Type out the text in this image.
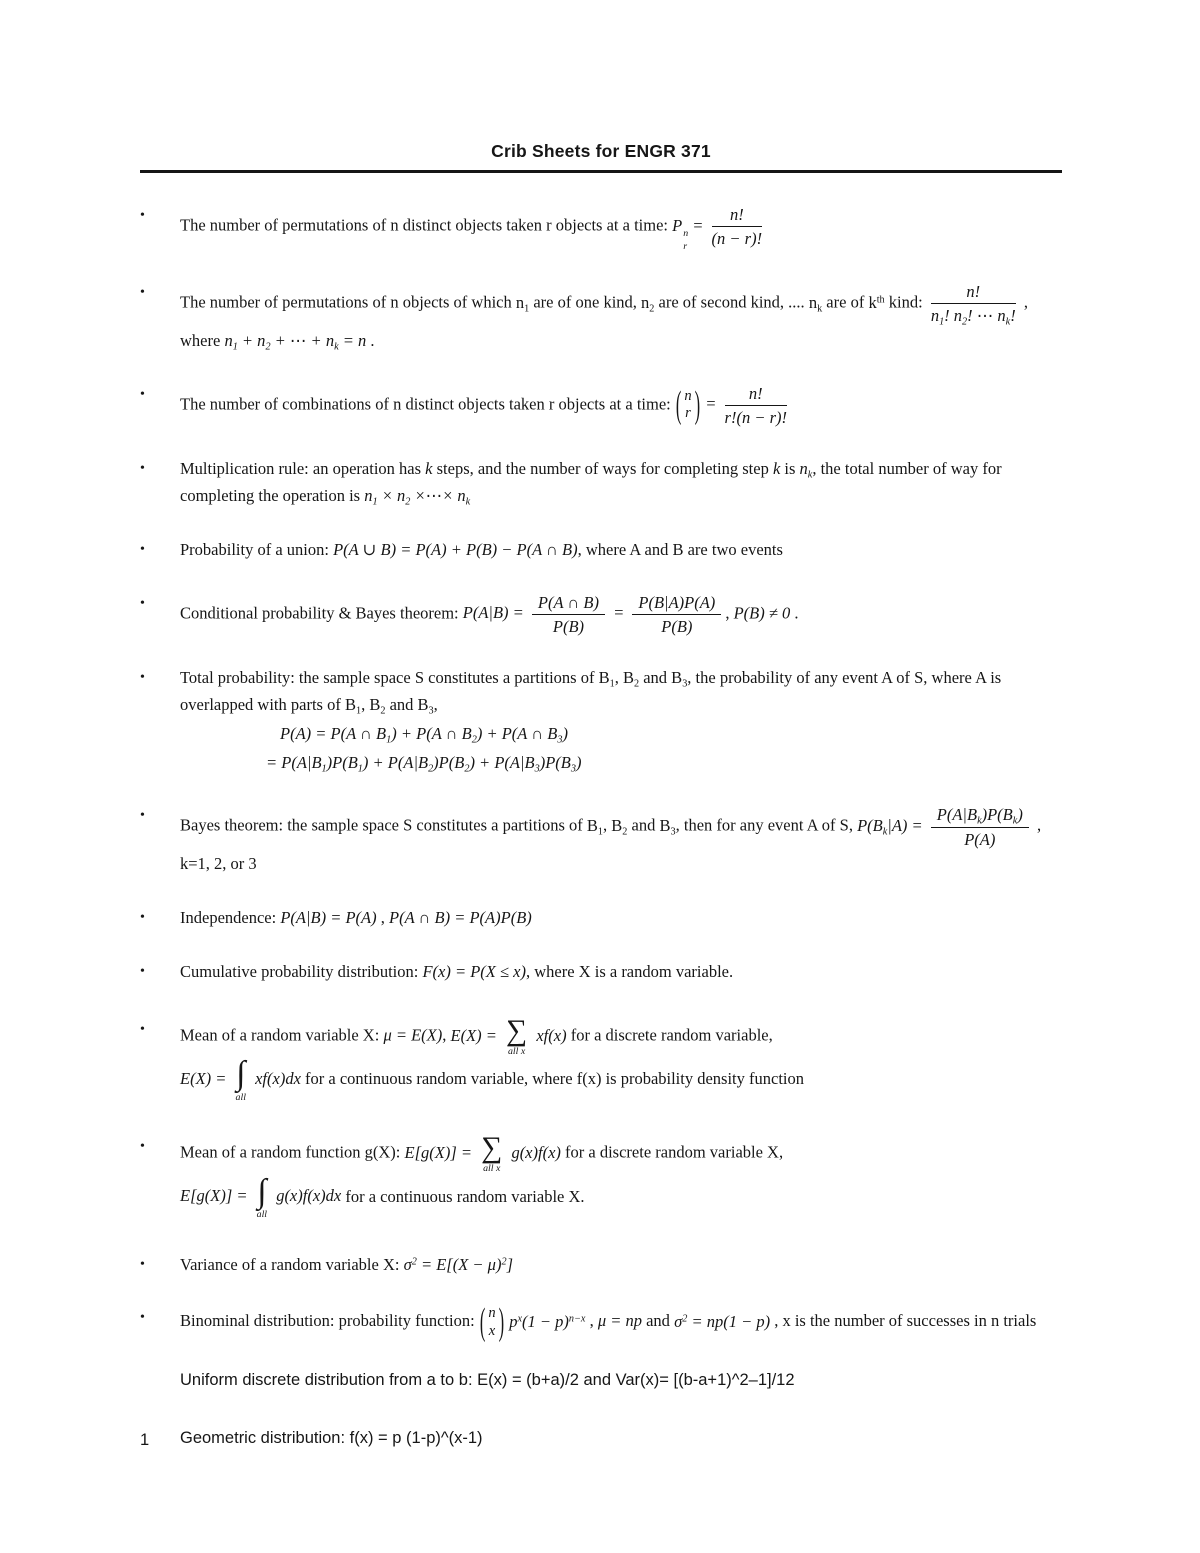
Crib Sheets for ENGR 371
•
The number of permutations of n distinct objects taken r objects at a time: P n
r
= $\frac{n!}{(n - r)!}$
•
The number of permutations of n objects of which $n_1$ are of one kind, $n_2$ are of second kind, .... $n_k$ are of $k^{th}$ kind: $\frac{n!}{n_1! n_2! \cdots n_k!}$ , where $n_1 + n_2$ + ⋯ + $n_k = n$ .
•
The number of combinations of n distinct objects taken r objects at a time: ( n
r ) = $\frac{n!}{r!(n - r)!}$
•	Multiplication rule: an operation has k steps, and the number of ways for completing step k is $n_k$, the total number of way for completing the operation is $n_1 \times n_2$ ×⋯× $n_k$
•	Probability of a union: P(A ∪ B) = P(A) + P(B) − P(A ∩ B), where A and B are two events
•
Conditional probability & Bayes theorem: $P(A|B) = \frac{P(A \cap B)}{P(B)} = \frac{P(B|A)P(A)}{P(B)}$ , P(B) ≠ 0 .
•	Total probability: the sample space S constitutes a partitions of $B_1$, $B_2$ and $B_3$, the probability of any event A of S, where A is overlapped with parts of $B_1$, $B_2$ and $B_3$,
P(A) = P(A ∩ $B_1) + P(A$ ∩ $B_2) + P(A$ ∩ $B_3$)
= $P(A|B_1)P(B_1) + P(A|B_2)P(B_2) + P(A|B_3)P(B_3)$
•
Bayes theorem: the sample space S constitutes a partitions of $B_1$, $B_2$ and $B_3$, then for any event A of S, $P(B_k|A) = \frac{P(A|B_k)P(B_k)}{P(A)}$ , k=1, 2, or 3
•	Independence: P(A|B) = P(A) , P(A ∩ B) = P(A)P(B)
•	Cumulative probability distribution: F(x) = P(X ≤ x), where X is a random variable.
•	Mean of a random variable X: μ = E(X), E(X) = ∑
all x
xf(x) for a discrete random variable,
E(X) = ∫
all
xf(x)dx for a continuous random variable, where f(x) is probability density function
•	Mean of a random function g(X): E[g(X)] = ∑
all x
g(x)f(x) for a discrete random variable X,
E[g(X)] = ∫
all
g(x)f(x)dx for a continuous random variable X.
•	Variance of a random variable X: $\sigma^2 = E[(X - \mu)^2]$
•	Binominal distribution: probability function: ( n
x ) $p^x(1 - p)^{n-x}$ , μ = np and $\sigma^2 = np(1 - p)$ , x is the number of successes in n trials
Uniform discrete distribution from a to b: E(x) = (b+a)/2 and Var(x)= [(b-a+1)^2–1]/12
1	Geometric distribution: f(x) = p (1-p)^(x-1)
